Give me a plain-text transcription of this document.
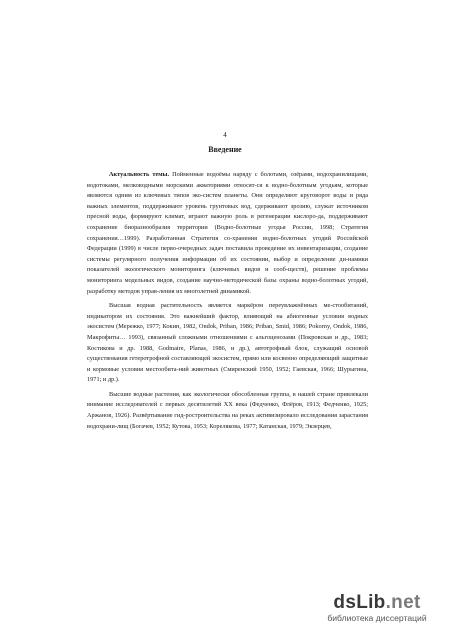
4
Введение

Актуальность темы. Пойменные водоёмы наряду с болотами, озёрами, водохранилищами, водотоками, мелководными морскими акваториями относят-ся к водно-болотным угодьям, которые являются одним из ключевых типов эко-систем планеты. Они определяют круговорот воды и ряда важных элементов, поддерживают уровень грунтовых вод, сдерживают эрозию, служат источником пресной воды, формируют климат, играют важную роль в регенерации кислоро-да, поддерживают сохранение биоразнообразия территории (Водно-болотные угодья России, 1998; Стратегия сохранения…1999). Разработанная Стратегия со-хранения водно-болотных угодий Российской Федерации (1999) в числе перво-очередных задач поставила проведение их инвентаризации, создание системы регулярного получения информации об их состоянии, выбор и определение ди-намики показателей экологического мониторинга (ключевых видов и сооб-ществ), решение проблемы мониторинга модельных видов, создание научно-методической базы охраны водно-болотных угодий, разработку методов управ-ления их многолетней динамикой.

Высшая водная растительность является маркёром переувлажнённых ме-стообитаний, индикатором их состояния. Это важнейший фактор, влияющий на абиогенные условия водных экосистем (Мережко, 1977; Кокин, 1982, Ondok, Priban, 1986; Priban, Smid, 1986; Pokorny, Ondok, 1986, Макрофиты… 1993), связанный сложными отношениями с альгоценозами (Покровская и др., 1983; Костикова и др. 1988, Godmaire, Planas, 1986, и др.), автотрофный блок, служащий основой существования гетеротрофной составляющей экосистем, прямо или косвенно определяющий защитные и кормовые условия местообита-ний животных (Смиренский 1950, 1952; Гаевская, 1966; Шурыгина, 1971; и др.).

Высшие водные растения, как экологически обособленная группа, в нашей стране привлекали внимание исследователей с первых десятилетий XX века (Федченко, Флёров, 1913; Федченко, 1925; Аржанов, 1926). Развёртывание гид-ростроительства на реках активизировало исследования зарастания водохрани-лищ (Богачев, 1952; Кутова, 1953; Корелякова, 1977; Катанская, 1979; Экзерцев,

dsLib.net
библиотека диссертаций
